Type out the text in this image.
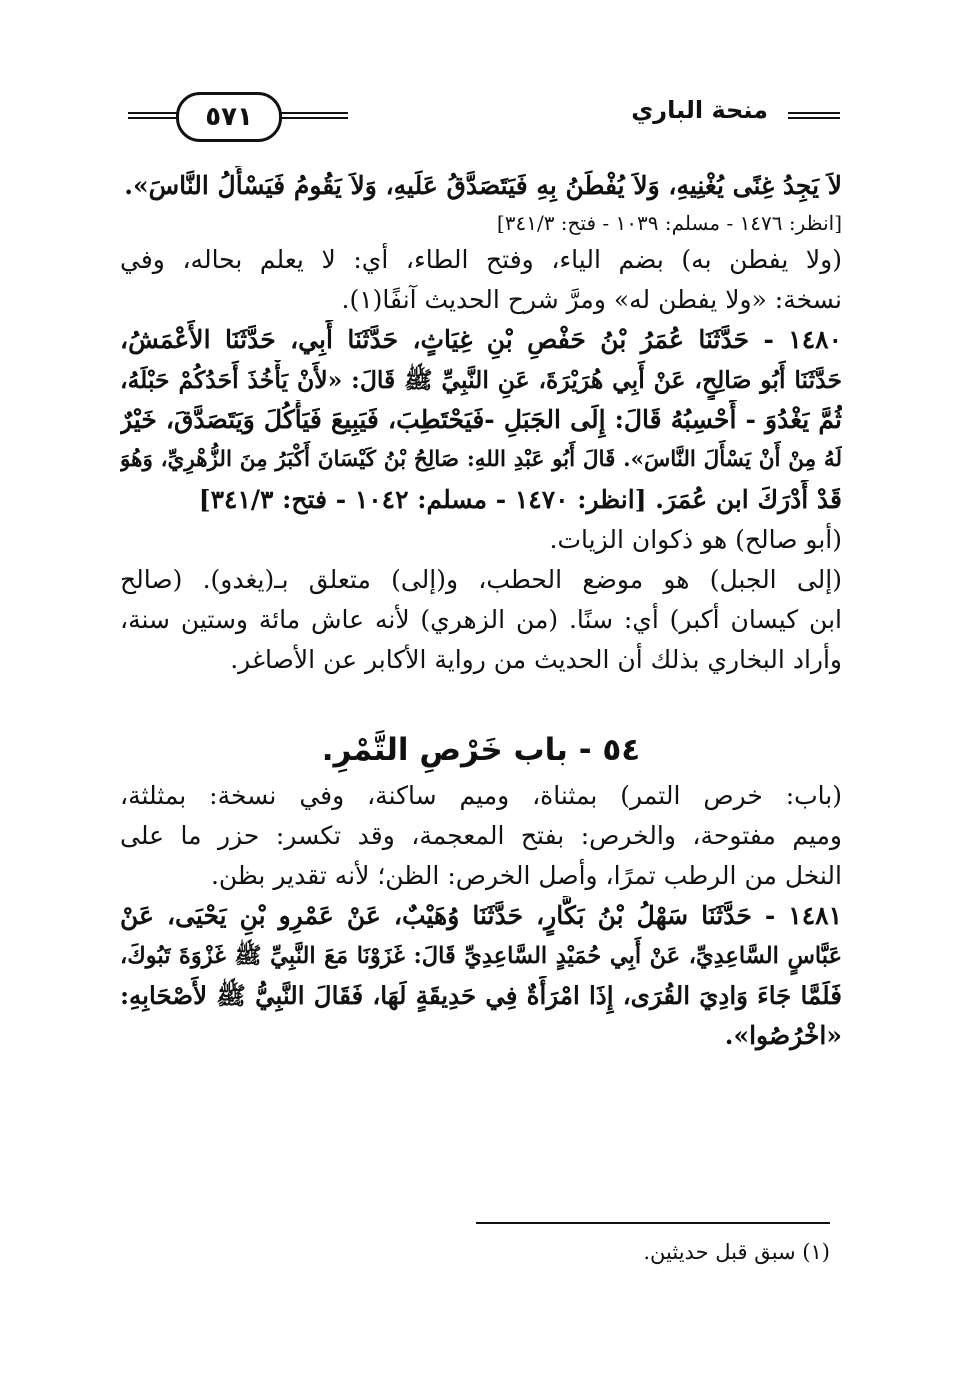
٥٧١	منحة الباري
لاَ يَجِدُ غِنًى يُغْنِيهِ، وَلاَ يُفْطَنُ بِهِ فَيَتَصَدَّقُ عَلَيهِ، وَلاَ يَقُومُ فَيَسْأَلُ النَّاسَ».
[انظر: ١٤٧٦ - مسلم: ١٠٣٩ - فتح: ٣٤١/٣]
(ولا يفطن به) بضم الياء، وفتح الطاء، أي: لا يعلم بحاله، وفي
نسخة: «ولا يفطن له» ومرَّ شرح الحديث آنفًا(١).
١٤٨٠ - حَدَّثَنَا عُمَرُ بْنُ حَفْصِ بْنِ غِيَاثٍ، حَدَّثَنَا أَبِي، حَدَّثَنَا الأَعْمَشُ،
حَدَّثَنَا أَبُو صَالِحٍ، عَنْ أَبِي هُرَيْرَةَ، عَنِ النَّبِيِّ ﷺ قَالَ: «لأَنْ يَأْخُذَ أَحَدُكُمْ حَبْلَهُ،
ثُمَّ يَغْدُوَ - أَحْسِبُهُ قَالَ: إِلَى الجَبَلِ -فَيَحْتَطِبَ، فَيَبِيعَ فَيَأْكُلَ وَيَتَصَدَّقَ، خَيْرٌ
لَهُ مِنْ أَنْ يَسْأَلَ النَّاسَ». قَالَ أَبُو عَبْدِ اللهِ: صَالِحُ بْنُ كَيْسَانَ أَكْبَرُ مِنَ الزُّهْرِيِّ، وَهُوَ
قَدْ أَدْرَكَ ابن عُمَرَ. [انظر: ١٤٧٠ - مسلم: ١٠٤٢ - فتح: ٣٤١/٣]
(أبو صالح) هو ذكوان الزيات.
(إلى الجبل) هو موضع الحطب، و(إلى) متعلق بـ(يغدو). (صالح
ابن كيسان أكبر) أي: سنًا. (من الزهري) لأنه عاش مائة وستين سنة،
وأراد البخاري بذلك أن الحديث من رواية الأكابر عن الأصاغر.
٥٤ - باب خَرْصِ التَّمْرِ.
(باب: خرص التمر) بمثناة، وميم ساكنة، وفي نسخة: بمثلثة،
وميم مفتوحة، والخرص: بفتح المعجمة، وقد تكسر: حزر ما على
النخل من الرطب تمرًا، وأصل الخرص: الظن؛ لأنه تقدير بظن.
١٤٨١ - حَدَّثَنَا سَهْلُ بْنُ بَكَّارٍ، حَدَّثَنَا وُهَيْبٌ، عَنْ عَمْرِو بْنِ يَحْيَى، عَنْ
عَبَّاسٍ السَّاعِدِيِّ، عَنْ أَبِي حُمَيْدٍ السَّاعِدِيِّ قَالَ: غَزَوْنَا مَعَ النَّبِيِّ ﷺ غَزْوَةَ تَبُوكَ،
فَلَمَّا جَاءَ وَادِيَ القُرَى، إِذَا امْرَأَةٌ فِي حَدِيقَةٍ لَهَا، فَقَالَ النَّبِيُّ ﷺ لأَصْحَابِهِ:
«اخْرُصُوا».
(١) سبق قبل حديثين.
